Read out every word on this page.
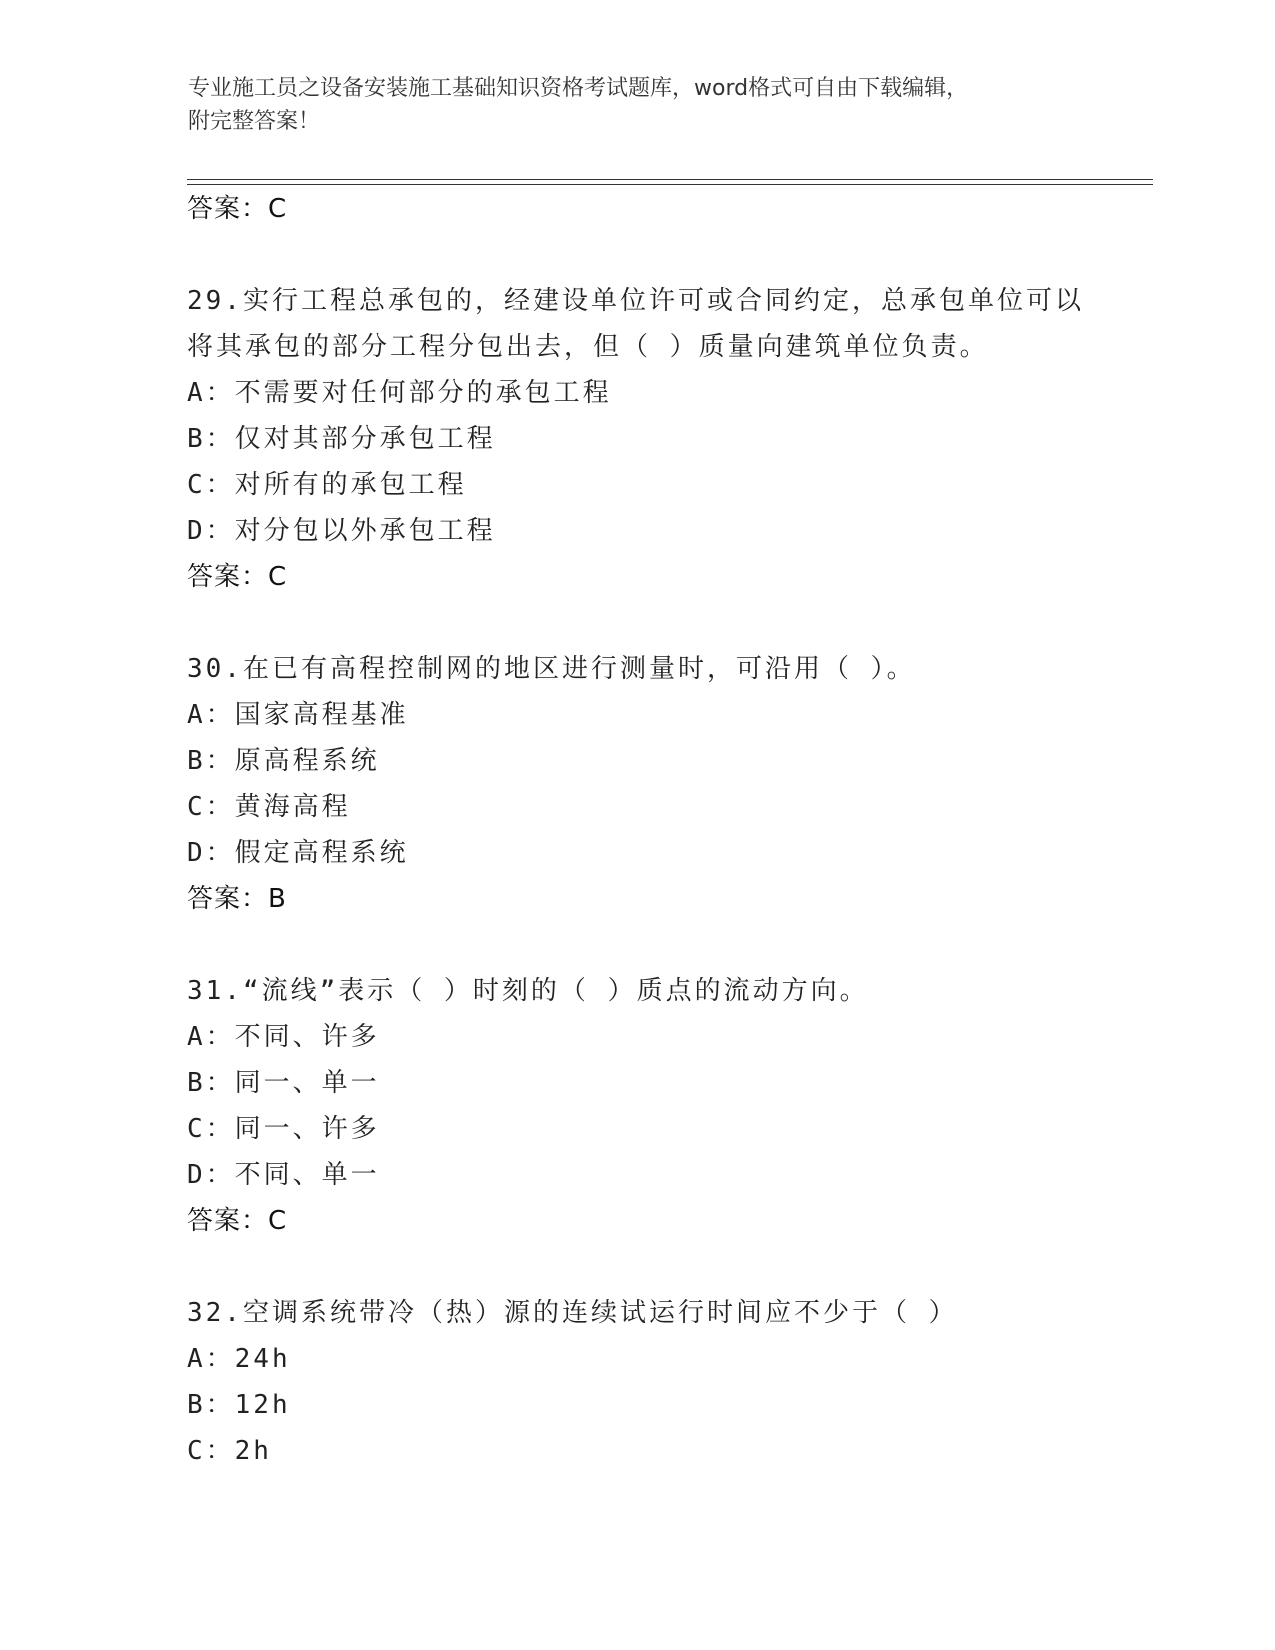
专业施工员之设备安装施工基础知识资格考试题库，word格式可自由下载编辑，
附完整答案！
答案：C
29.实行工程总承包的，经建设单位许可或合同约定，总承包单位可以
将其承包的部分工程分包出去，但（ ）质量向建筑单位负责。
A：不需要对任何部分的承包工程
B：仅对其部分承包工程
C：对所有的承包工程
D：对分包以外承包工程
答案：C
30.在已有高程控制网的地区进行测量时，可沿用（ ）。
A：国家高程基准
B：原高程系统
C：黄海高程
D：假定高程系统
答案：B
31.“流线”表示（ ）时刻的（ ）质点的流动方向。
A：不同、许多
B：同一、单一
C：同一、许多
D：不同、单一
答案：C
32.空调系统带冷（热）源的连续试运行时间应不少于（ ）
A：24h
B：12h
C：2h
